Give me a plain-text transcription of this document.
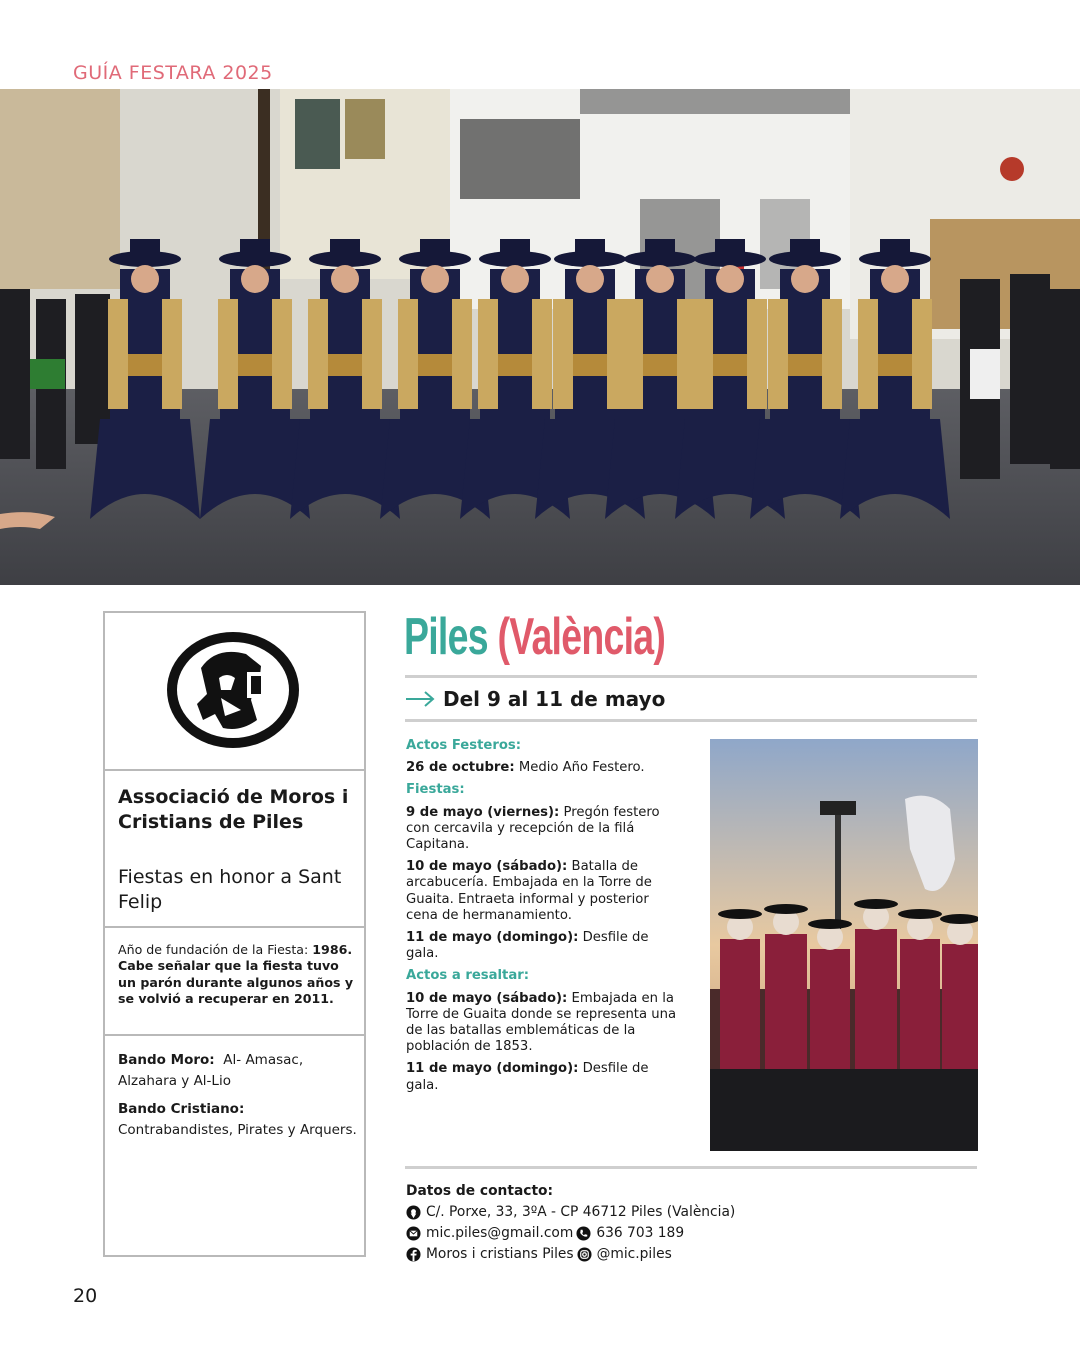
GUÍA FESTARA 2025
Associació de Moros i Cristians de Piles
Fiestas en honor a Sant Felip
Año de fundación de la Fiesta: 1986. Cabe señalar que la fiesta tuvo un parón durante algunos años y se volvió a recuperar en 2011.

Bando Moro: Al- Amasac, Alzahara y Al-Lio

Bando Cristiano:
Contrabandistes, Pirates y Arquers.

Piles (València)
Del 9 al 11 de mayo
Actos Festeros:
26 de octubre: Medio Año Festero.
Fiestas:
9 de mayo (viernes): Pregón festero con cercavila y recepción de la filá Capitana.
10 de mayo (sábado): Batalla de arcabucería. Embajada en la Torre de Guaita. Entraeta informal y posterior cena de hermanamiento.
11 de mayo (domingo): Desfile de gala.
Actos a resaltar:
10 de mayo (sábado): Embajada en la Torre de Guaita donde se representa una de las batallas emblemáticas de la población de 1853.
11 de mayo (domingo): Desfile de gala.
Datos de contacto:
C/. Porxe, 33, 3ºA - CP 46712 Piles (València)
mic.piles@gmail.com 636 703 189
Moros i cristians Piles @mic.piles
20
